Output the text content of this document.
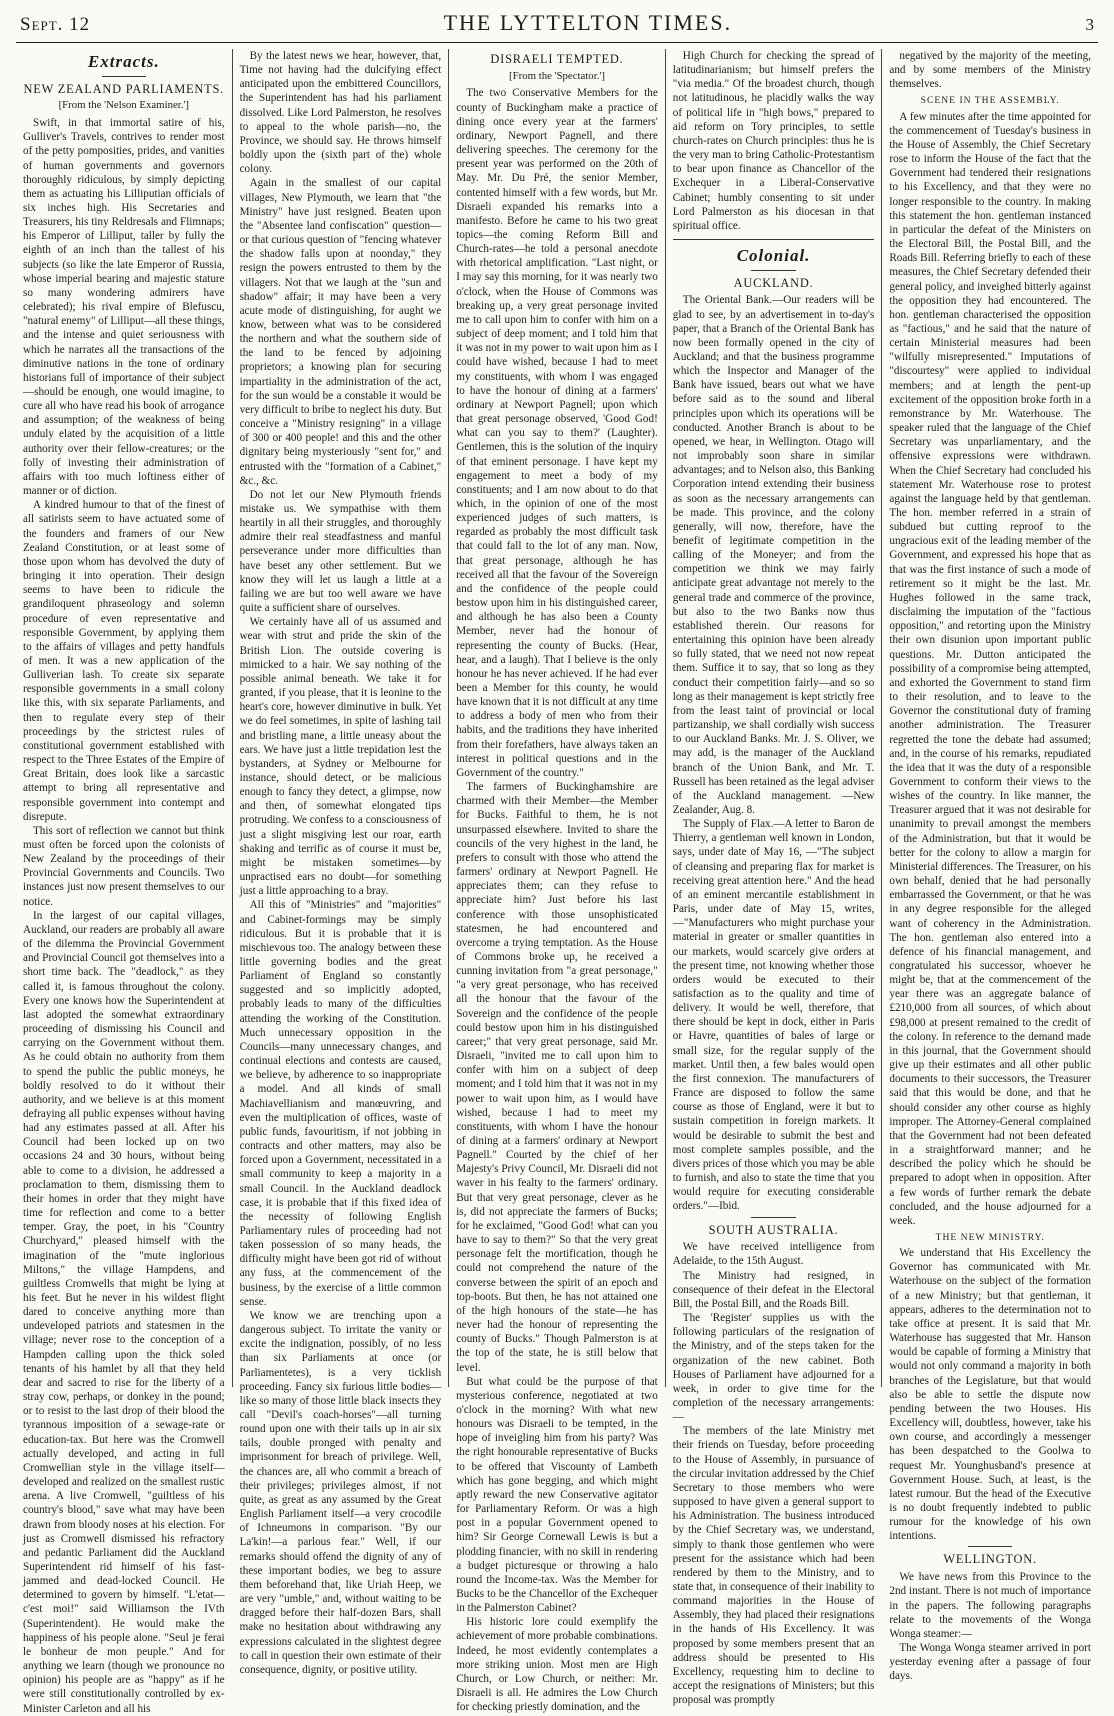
Sept. 12	THE LYTTELTON TIMES.	3
Extracts.
NEW ZEALAND PARLIAMENTS.
[From the 'Nelson Examiner.']

Swift, in that immortal satire of his, Gulliver's Travels, contrives to render most of the petty pomposities, prides, and vanities of human governments and governors thoroughly ridiculous, by simply depicting them as actuating his Lilliputian officials of six inches high. His Secretaries and Treasurers, his tiny Reldresals and Flimnaps; his Emperor of Lilliput, taller by fully the eighth of an inch than the tallest of his subjects (so like the late Emperor of Russia, whose imperial bearing and majestic stature so many wondering admirers have celebrated); his rival empire of Blefuscu, "natural enemy" of Lilliput—all these things, and the intense and quiet seriousness with which he narrates all the transactions of the diminutive nations in the tone of ordinary historians full of importance of their subject—should be enough, one would imagine, to cure all who have read his book of arrogance and assumption; of the weakness of being unduly elated by the acquisition of a little authority over their fellow-creatures; or the folly of investing their administration of affairs with too much loftiness either of manner or of diction.

A kindred humour to that of the finest of all satirists seem to have actuated some of the founders and framers of our New Zealand Constitution, or at least some of those upon whom has devolved the duty of bringing it into operation. Their design seems to have been to ridicule the grandiloquent phraseology and solemn procedure of even representative and responsible Government, by applying them to the affairs of villages and petty handfuls of men. It was a new application of the Gulliverian lash. To create six separate responsible governments in a small colony like this, with six separate Parliaments, and then to regulate every step of their proceedings by the strictest rules of constitutional government established with respect to the Three Estates of the Empire of Great Britain, does look like a sarcastic attempt to bring all representative and responsible government into contempt and disrepute.

This sort of reflection we cannot but think must often be forced upon the colonists of New Zealand by the proceedings of their Provincial Governments and Councils. Two instances just now present themselves to our notice.

In the largest of our capital villages, Auckland, our readers are probably all aware of the dilemma the Provincial Government and Provincial Council got themselves into a short time back. The "deadlock," as they called it, is famous throughout the colony. Every one knows how the Superintendent at last adopted the somewhat extraordinary proceeding of dismissing his Council and carrying on the Government without them. As he could obtain no authority from them to spend the public the public moneys, he boldly resolved to do it without their authority, and we believe is at this moment defraying all public expenses without having had any estimates passed at all. After his Council had been locked up on two occasions 24 and 30 hours, without being able to come to a division, he addressed a proclamation to them, dismissing them to their homes in order that they might have time for reflection and come to a better temper. Gray, the poet, in his "Country Churchyard," pleased himself with the imagination of the "mute inglorious Miltons," the village Hampdens, and guiltless Cromwells that might be lying at his feet. But he never in his wildest flight dared to conceive anything more than undeveloped patriots and statesmen in the village; never rose to the conception of a Hampden calling upon the thick soled tenants of his hamlet by all that they held dear and sacred to rise for the liberty of a stray cow, perhaps, or donkey in the pound; or to resist to the last drop of their blood the tyrannous imposition of a sewage-rate or education-tax. But here was the Cromwell actually developed, and acting in full Cromwellian style in the village itself—developed and realized on the smallest rustic arena. A live Cromwell, "guiltless of his country's blood," save what may have been drawn from bloody noses at his election. For just as Cromwell dismissed his refractory and pedantic Parliament did the Auckland Superintendent rid himself of his fast-jammed and dead-locked Council. He determined to govern by himself. "L'etat—c'est moi!" said Williamson the IVth (Superintendent). He would make the happiness of his people alone. "Seul je ferai le bonheur de mon peuple." And for anything we learn (though we pronounce no opinion) his people are as "happy" as if he were still constitutionally controlled by ex-Minister Carleton and all his

By the latest news we hear, however, that, Time not having had the dulcifying effect anticipated upon the embittered Councillors, the Superintendent has had his parliament dissolved. Like Lord Palmerston, he resolves to appeal to the whole parish—no, the Province, we should say. He throws himself boldly upon the (sixth part of the) whole colony.

Again in the smallest of our capital villages, New Plymouth, we learn that "the Ministry" have just resigned. Beaten upon the "Absentee land confiscation" question—or that curious question of "fencing whatever the shadow falls upon at noonday," they resign the powers entrusted to them by the villagers. Not that we laugh at the "sun and shadow" affair; it may have been a very acute mode of distinguishing, for aught we know, between what was to be considered the northern and what the southern side of the land to be fenced by adjoining proprietors; a knowing plan for securing impartiality in the administration of the act, for the sun would be a constable it would be very difficult to bribe to neglect his duty. But conceive a "Ministry resigning" in a village of 300 or 400 people! and this and the other dignitary being mysteriously "sent for," and entrusted with the "formation of a Cabinet," &c., &c.

Do not let our New Plymouth friends mistake us. We sympathise with them heartily in all their struggles, and thoroughly admire their real steadfastness and manful perseverance under more difficulties than have beset any other settlement. But we know they will let us laugh a little at a failing we are but too well aware we have quite a sufficient share of ourselves.

We certainly have all of us assumed and wear with strut and pride the skin of the British Lion. The outside covering is mimicked to a hair. We say nothing of the possible animal beneath. We take it for granted, if you please, that it is leonine to the heart's core, however diminutive in bulk. Yet we do feel sometimes, in spite of lashing tail and bristling mane, a little uneasy about the ears. We have just a little trepidation lest the bystanders, at Sydney or Melbourne for instance, should detect, or be malicious enough to fancy they detect, a glimpse, now and then, of somewhat elongated tips protruding. We confess to a consciousness of just a slight misgiving lest our roar, earth shaking and terrific as of course it must be, might be mistaken sometimes—by unpractised ears no doubt—for something just a little approaching to a bray.

All this of "Ministries" and "majorities" and Cabinet-formings may be simply ridiculous. But it is probable that it is mischievous too. The analogy between these little governing bodies and the great Parliament of England so constantly suggested and so implicitly adopted, probably leads to many of the difficulties attending the working of the Constitution. Much unnecessary opposition in the Councils—many unnecessary changes, and continual elections and contests are caused, we believe, by adherence to so inappropriate a model. And all kinds of small Machiavellianism and manœuvring, and even the multiplication of offices, waste of public funds, favouritism, if not jobbing in contracts and other matters, may also be forced upon a Government, necessitated in a small community to keep a majority in a small Council. In the Auckland deadlock case, it is probable that if this fixed idea of the necessity of following English Parliamentary rules of proceeding had not taken possession of so many heads, the difficulty might have been got rid of without any fuss, at the commencement of the business, by the exercise of a little common sense.

We know we are trenching upon a dangerous subject. To irritate the vanity or excite the indignation, possibly, of no less than six Parliaments at once (or Parliamentetes), is a very ticklish proceeding. Fancy six furious little bodies—like so many of those little black insects they call "Devil's coach-horses"—all turning round upon one with their tails up in air six tails, double pronged with penalty and imprisonment for breach of privilege. Well, the chances are, all who commit a breach of their privileges; privileges almost, if not quite, as great as any assumed by the Great English Parliament itself—a very crocodile of Ichneumons in comparison. "By our La'kin!—a parlous fear." Well, if our remarks should offend the dignity of any of these important bodies, we beg to assure them beforehand that, like Uriah Heep, we are very "umble," and, without waiting to be dragged before their half-dozen Bars, shall make no hesitation about withdrawing any expressions calculated in the slightest degree to call in question their own estimate of their consequence, dignity, or positive utility.

DISRAELI TEMPTED.
[From the 'Spectator.']

The two Conservative Members for the county of Buckingham make a practice of dining once every year at the farmers' ordinary, Newport Pagnell, and there delivering speeches. The ceremony for the present year was performed on the 20th of May. Mr. Du Pré, the senior Member, contented himself with a few words, but Mr. Disraeli expanded his remarks into a manifesto. Before he came to his two great topics—the coming Reform Bill and Church-rates—he told a personal anecdote with rhetorical amplification. "Last night, or I may say this morning, for it was nearly two o'clock, when the House of Commons was breaking up, a very great personage invited me to call upon him to confer with him on a subject of deep moment; and I told him that it was not in my power to wait upon him as I could have wished, because I had to meet my constituents, with whom I was engaged to have the honour of dining at a farmers' ordinary at Newport Pagnell; upon which that great personage observed, 'Good God! what can you say to them?' (Laughter). Gentlemen, this is the solution of the inquiry of that eminent personage. I have kept my engagement to meet a body of my constituents; and I am now about to do that which, in the opinion of one of the most experienced judges of such matters, is regarded as probably the most difficult task that could fall to the lot of any man. Now, that great personage, although he has received all that the favour of the Sovereign and the confidence of the people could bestow upon him in his distinguished career, and although he has also been a County Member, never had the honour of representing the county of Bucks. (Hear, hear, and a laugh). That I believe is the only honour he has never achieved. If he had ever been a Member for this county, he would have known that it is not difficult at any time to address a body of men who from their habits, and the traditions they have inherited from their forefathers, have always taken an interest in political questions and in the Government of the country."

The farmers of Buckinghamshire are charmed with their Member—the Member for Bucks. Faithful to them, he is not unsurpassed elsewhere. Invited to share the councils of the very highest in the land, he prefers to consult with those who attend the farmers' ordinary at Newport Pagnell. He appreciates them; can they refuse to appreciate him? Just before his last conference with those unsophisticated statesmen, he had encountered and overcome a trying temptation. As the House of Commons broke up, he received a cunning invitation from "a great personage," "a very great personage, who has received all the honour that the favour of the Sovereign and the confidence of the people could bestow upon him in his distinguished career;" that very great personage, said Mr. Disraeli, "invited me to call upon him to confer with him on a subject of deep moment; and I told him that it was not in my power to wait upon him, as I would have wished, because I had to meet my constituents, with whom I have the honour of dining at a farmers' ordinary at Newport Pagnell." Courted by the chief of her Majesty's Privy Council, Mr. Disraeli did not waver in his fealty to the farmers' ordinary. But that very great personage, clever as he is, did not appreciate the farmers of Bucks; for he exclaimed, "Good God! what can you have to say to them?" So that the very great personage felt the mortification, though he could not comprehend the nature of the converse between the spirit of an epoch and top-boots. But then, he has not attained one of the high honours of the state—he has never had the honour of representing the county of Bucks." Though Palmerston is at the top of the state, he is still below that level.

But what could be the purpose of that mysterious conference, negotiated at two o'clock in the morning? With what new honours was Disraeli to be tempted, in the hope of inveigling him from his party? Was the right honourable representative of Bucks to be offered that Viscounty of Lambeth which has gone begging, and which might aptly reward the new Conservative agitator for Parliamentary Reform. Or was a high post in a popular Government opened to him? Sir George Cornewall Lewis is but a plodding financier, with no skill in rendering a budget picturesque or throwing a halo round the Income-tax. Was the Member for Bucks to be the Chancellor of the Exchequer in the Palmerston Cabinet?

His historic lore could exemplify the achievement of more probable combinations. Indeed, he most evidently contemplates a more striking union. Most men are High Church, or Low Church, or neither: Mr. Disraeli is all. He admires the Low Church for checking priestly domination, and the

High Church for checking the spread of latitudinarianism; but himself prefers the "via media." Of the broadest church, though not latitudinous, he placidly walks the way of political life in "high bows," prepared to aid reform on Tory principles, to settle church-rates on Church principles: thus he is the very man to bring Catholic-Protestantism to bear upon finance as Chancellor of the Exchequer in a Liberal-Conservative Cabinet; humbly consenting to sit under Lord Palmerston as his diocesan in that spiritual office.

Colonial.
AUCKLAND.

The Oriental Bank.—Our readers will be glad to see, by an advertisement in to-day's paper, that a Branch of the Oriental Bank has now been formally opened in the city of Auckland; and that the business programme which the Inspector and Manager of the Bank have issued, bears out what we have before said as to the sound and liberal principles upon which its operations will be conducted. Another Branch is about to be opened, we hear, in Wellington. Otago will not improbably soon share in similar advantages; and to Nelson also, this Banking Corporation intend extending their business as soon as the necessary arrangements can be made. This province, and the colony generally, will now, therefore, have the benefit of legitimate competition in the calling of the Moneyer; and from the competition we think we may fairly anticipate great advantage not merely to the general trade and commerce of the province, but also to the two Banks now thus established therein. Our reasons for entertaining this opinion have been already so fully stated, that we need not now repeat them. Suffice it to say, that so long as they conduct their competition fairly—and so so long as their management is kept strictly free from the least taint of provincial or local partizanship, we shall cordially wish success to our Auckland Banks. Mr. J. S. Oliver, we may add, is the manager of the Auckland branch of the Union Bank, and Mr. T. Russell has been retained as the legal adviser of the Auckland management. —New Zealander, Aug. 8.

The Supply of Flax.—A letter to Baron de Thierry, a gentleman well known in London, says, under date of May 16, —"The subject of cleansing and preparing flax for market is receiving great attention here." And the head of an eminent mercantile establishment in Paris, under date of May 15, writes,—"Manufacturers who might purchase your material in greater or smaller quantities in our markets, would scarcely give orders at the present time, not knowing whether those orders would be executed to their satisfaction as to the quality and time of delivery. It would be well, therefore, that there should be kept in dock, either in Paris or Havre, quantities of bales of large or small size, for the regular supply of the market. Until then, a few bales would open the first connexion. The manufacturers of France are disposed to follow the same course as those of England, were it but to sustain competition in foreign markets. It would be desirable to submit the best and most complete samples possible, and the divers prices of those which you may be able to furnish, and also to state the time that you would require for executing considerable orders."—Ibid.

SOUTH AUSTRALIA.

We have received intelligence from Adelaide, to the 15th August.

The Ministry had resigned, in consequence of their defeat in the Electoral Bill, the Postal Bill, and the Roads Bill.

The 'Register' supplies us with the following particulars of the resignation of the Ministry, and of the steps taken for the organization of the new cabinet. Both Houses of Parliament have adjourned for a week, in order to give time for the completion of the necessary arrangements:—

The members of the late Ministry met their friends on Tuesday, before proceeding to the House of Assembly, in pursuance of the circular invitation addressed by the Chief Secretary to those members who were supposed to have given a general support to his Administration. The business introduced by the Chief Secretary was, we understand, simply to thank those gentlemen who were present for the assistance which had been rendered by them to the Ministry, and to state that, in consequence of their inability to command majorities in the House of Assembly, they had placed their resignations in the hands of His Excellency. It was proposed by some members present that an address should be presented to His Excellency, requesting him to decline to accept the resignations of Ministers; but this proposal was promptly

negatived by the majority of the meeting, and by some members of the Ministry themselves.

SCENE IN THE ASSEMBLY.

A few minutes after the time appointed for the commencement of Tuesday's business in the House of Assembly, the Chief Secretary rose to inform the House of the fact that the Government had tendered their resignations to his Excellency, and that they were no longer responsible to the country. In making this statement the hon. gentleman instanced in particular the defeat of the Ministers on the Electoral Bill, the Postal Bill, and the Roads Bill. Referring briefly to each of these measures, the Chief Secretary defended their general policy, and inveighed bitterly against the opposition they had encountered. The hon. gentleman characterised the opposition as "factious," and he said that the nature of certain Ministerial measures had been "wilfully misrepresented." Imputations of "discourtesy" were applied to individual members; and at length the pent-up excitement of the opposition broke forth in a remonstrance by Mr. Waterhouse. The speaker ruled that the language of the Chief Secretary was unparliamentary, and the offensive expressions were withdrawn. When the Chief Secretary had concluded his statement Mr. Waterhouse rose to protest against the language held by that gentleman. The hon. member referred in a strain of subdued but cutting reproof to the ungracious exit of the leading member of the Government, and expressed his hope that as that was the first instance of such a mode of retirement so it might be the last. Mr. Hughes followed in the same track, disclaiming the imputation of the "factious opposition," and retorting upon the Ministry their own disunion upon important public questions. Mr. Dutton anticipated the possibility of a compromise being attempted, and exhorted the Government to stand firm to their resolution, and to leave to the Governor the constitutional duty of framing another administration. The Treasurer regretted the tone the debate had assumed; and, in the course of his remarks, repudiated the idea that it was the duty of a responsible Government to conform their views to the wishes of the country. In like manner, the Treasurer argued that it was not desirable for unanimity to prevail amongst the members of the Administration, but that it would be better for the colony to allow a margin for Ministerial differences. The Treasurer, on his own behalf, denied that he had personally embarrassed the Government, or that he was in any degree responsible for the alleged want of coherency in the Administration. The hon. gentleman also entered into a defence of his financial management, and congratulated his successor, whoever he might be, that at the commencement of the year there was an aggregate balance of £210,000 from all sources, of which about £98,000 at present remained to the credit of the colony. In reference to the demand made in this journal, that the Government should give up their estimates and all other public documents to their successors, the Treasurer said that this would be done, and that he should consider any other course as highly improper. The Attorney-General complained that the Government had not been defeated in a straightforward manner; and he described the policy which he should be prepared to adopt when in opposition. After a few words of further remark the debate concluded, and the house adjourned for a week.

THE NEW MINISTRY.

We understand that His Excellency the Governor has communicated with Mr. Waterhouse on the subject of the formation of a new Ministry; but that gentleman, it appears, adheres to the determination not to take office at present. It is said that Mr. Waterhouse has suggested that Mr. Hanson would be capable of forming a Ministry that would not only command a majority in both branches of the Legislature, but that would also be able to settle the dispute now pending between the two Houses. His Excellency will, doubtless, however, take his own course, and accordingly a messenger has been despatched to the Goolwa to request Mr. Younghusband's presence at Government House. Such, at least, is the latest rumour. But the head of the Executive is no doubt frequently indebted to public rumour for the knowledge of his own intentions.

WELLINGTON.

We have news from this Province to the 2nd instant. There is not much of importance in the papers. The following paragraphs relate to the movements of the Wonga Wonga steamer:—

The Wonga Wonga steamer arrived in port yesterday evening after a passage of four days.
